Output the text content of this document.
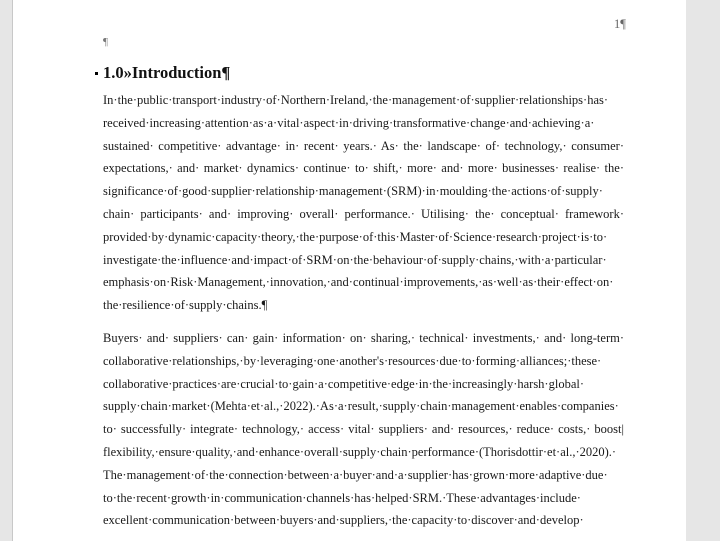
1¶
¶
1.0»Introduction¶
In·the·public·transport·industry·of·Northern·Ireland,·the·management·of·supplier·relationships·has·
received·increasing·attention·as·a·vital·aspect·in·driving·transformative·change·and·achieving·a·
sustained· competitive· advantage· in· recent· years.· As· the· landscape· of· technology,· consumer·
expectations,· and· market· dynamics· continue· to· shift,· more· and· more· businesses· realise· the·
significance·of·good·supplier·relationship·management·(SRM)·in·moulding·the·actions·of·supply·
chain· participants· and· improving· overall· performance.· Utilising· the· conceptual· framework·
provided·by·dynamic·capacity·theory,·the·purpose·of·this·Master·of·Science·research·project·is·to·
investigate·the·influence·and·impact·of·SRM·on·the·behaviour·of·supply·chains,·with·a·particular·
emphasis·on·Risk·Management,·innovation,·and·continual·improvements,·as·well·as·their·effect·on·
the·resilience·of·supply·chains.¶
Buyers· and· suppliers· can· gain· information· on· sharing,· technical· investments,· and· long-term·
collaborative·relationships,·by·leveraging·one·another's·resources·due·to·forming·alliances;·these·
collaborative·practices·are·crucial·to·gain·a·competitive·edge·in·the·increasingly·harsh·global·
supply·chain·market·(Mehta·et·al.,·2022).·As·a·result,·supply·chain·management·enables·companies·
to· successfully· integrate· technology,· access· vital· suppliers· and· resources,· reduce· costs,· boost|
flexibility,·ensure·quality,·and·enhance·overall·supply·chain·performance·(Thorisdottir·et·al.,·2020).·
The·management·of·the·connection·between·a·buyer·and·a·supplier·has·grown·more·adaptive·due·
to·the·recent·growth·in·communication·channels·has·helped·SRM.·These·advantages·include·
excellent·communication·between·buyers·and·suppliers,·the·capacity·to·discover·and·develop·
